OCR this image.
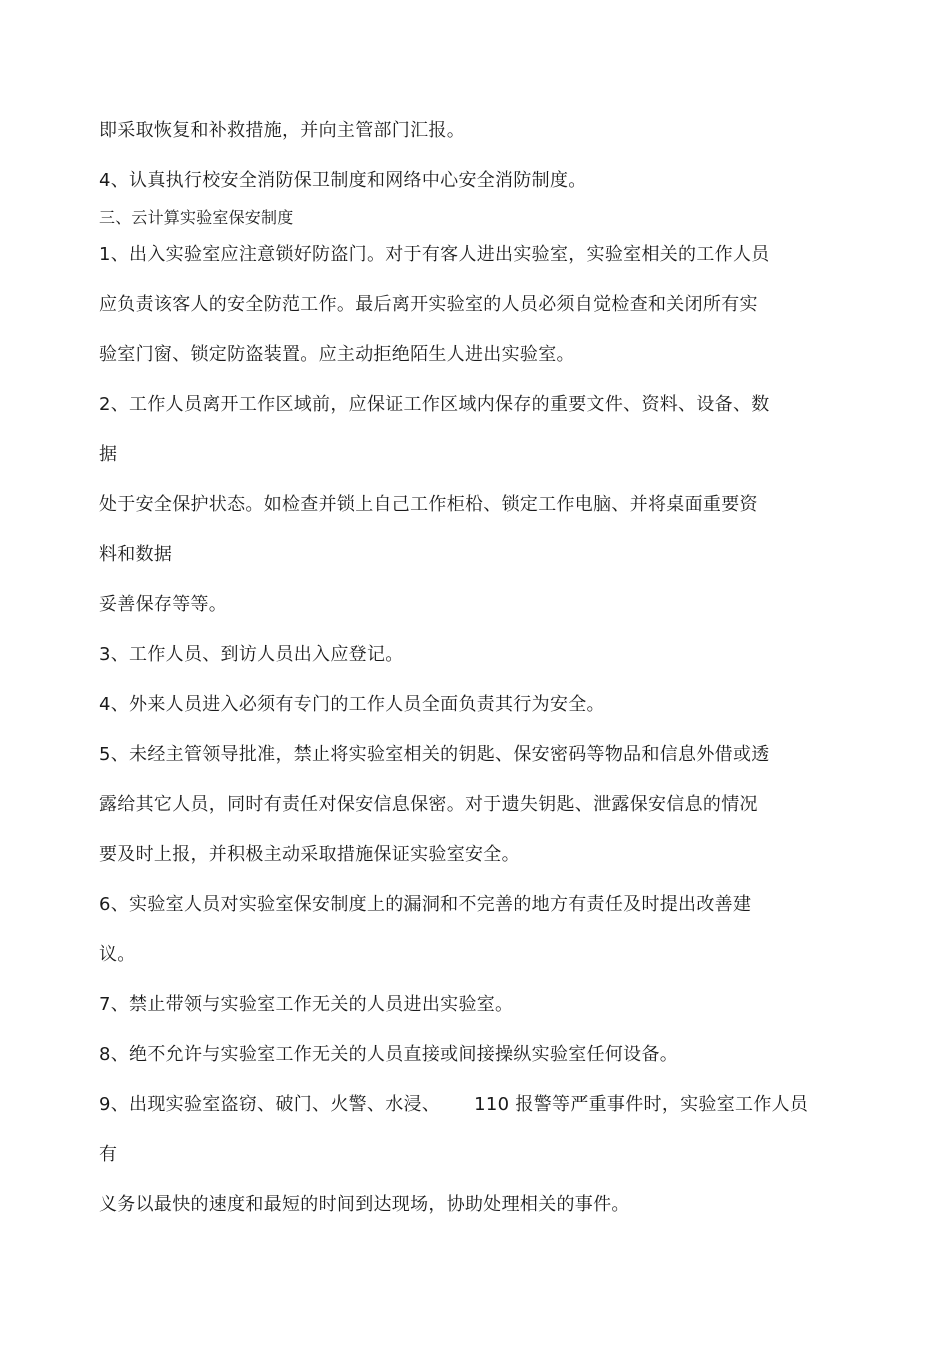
即采取恢复和补救措施，并向主管部门汇报。

4、认真执行校安全消防保卫制度和网络中心安全消防制度。

三、云计算实验室保安制度

1、出入实验室应注意锁好防盗门。对于有客人进出实验室，实验室相关的工作人员

应负责该客人的安全防范工作。最后离开实验室的人员必须自觉检查和关闭所有实

验室门窗、锁定防盗装置。应主动拒绝陌生人进出实验室。

2、工作人员离开工作区域前，应保证工作区域内保存的重要文件、资料、设备、数

据

处于安全保护状态。如检查并锁上自己工作柜柗、锁定工作电脑、并将桌面重要资

料和数据

妥善保存等等。

3、工作人员、到访人员出入应登记。

4、外来人员进入必须有专门的工作人员全面负责其行为安全。

5、未经主管领导批准，禁止将实验室相关的钥匙、保安密码等物品和信息外借或透

露给其它人员，同时有责任对保安信息保密。对于遗失钥匙、泄露保安信息的情况

要及时上报，并积极主动采取措施保证实验室安全。

6、实验室人员对实验室保安制度上的漏洞和不完善的地方有责任及时提出改善建

议。

7、禁止带领与实验室工作无关的人员进出实验室。

8、绝不允许与实验室工作无关的人员直接或间接操纵实验室任何设备。

9、出现实验室盗窃、破门、火警、水浸、 110 报警等严重事件时，实验室工作人员

有

义务以最快的速度和最短的时间到达现场，协助处理相关的事件。
